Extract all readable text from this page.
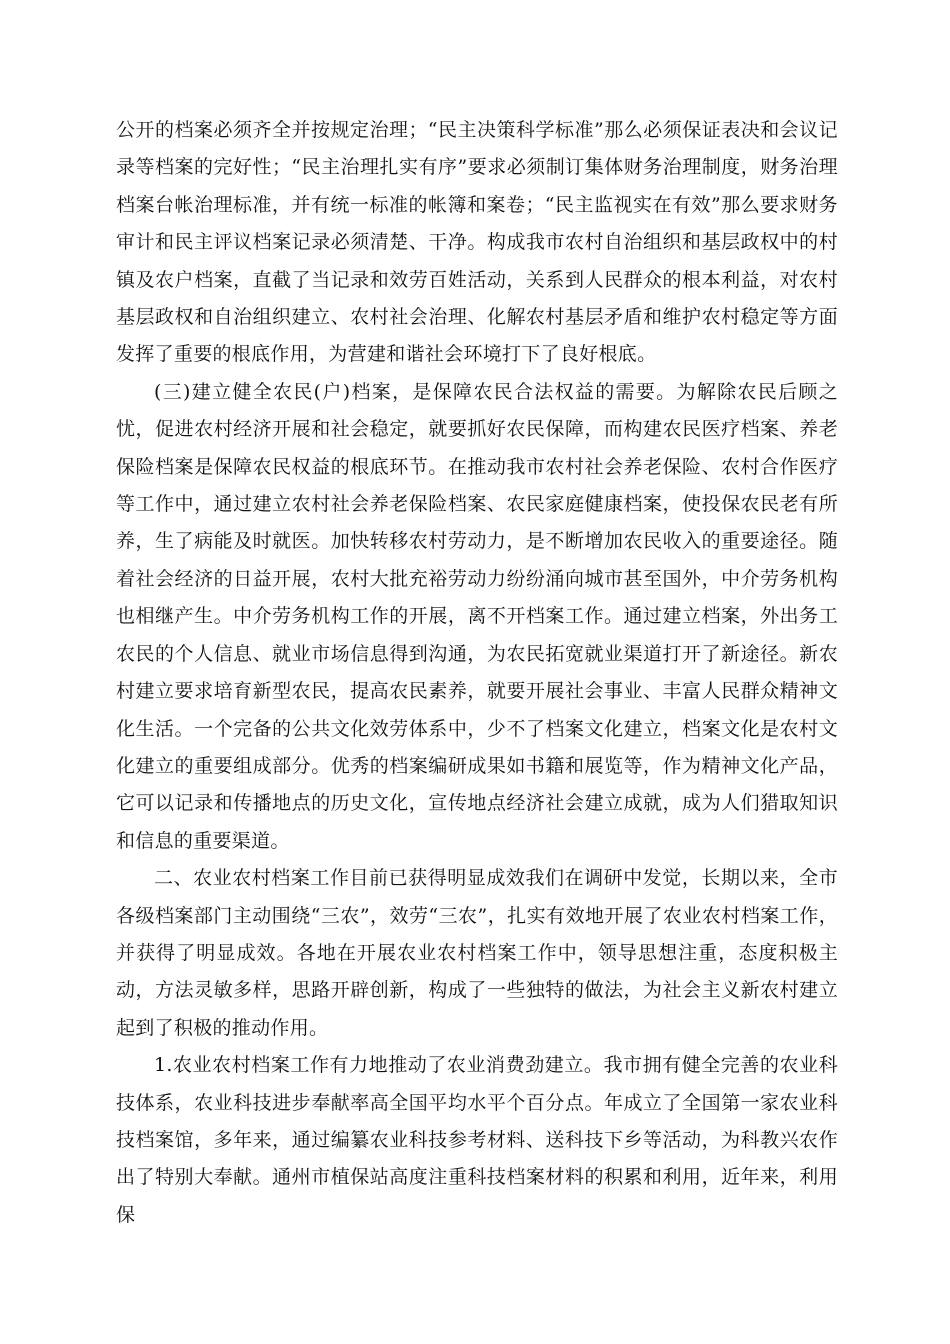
公开的档案必须齐全并按规定治理；“民主决策科学标准”那么必须保证表决和会议记录等档案的完好性；“民主治理扎实有序”要求必须制订集体财务治理制度，财务治理档案台帐治理标准，并有统一标准的帐簿和案卷；“民主监视实在有效”那么要求财务审计和民主评议档案记录必须清楚、干净。构成我市农村自治组织和基层政权中的村镇及农户档案，直截了当记录和效劳百姓活动，关系到人民群众的根本利益，对农村基层政权和自治组织建立、农村社会治理、化解农村基层矛盾和维护农村稳定等方面发挥了重要的根底作用，为营建和谐社会环境打下了良好根底。

(三)建立健全农民(户)档案，是保障农民合法权益的需要。为解除农民后顾之忧，促进农村经济开展和社会稳定，就要抓好农民保障，而构建农民医疗档案、养老保险档案是保障农民权益的根底环节。在推动我市农村社会养老保险、农村合作医疗等工作中，通过建立农村社会养老保险档案、农民家庭健康档案，使投保农民老有所养，生了病能及时就医。加快转移农村劳动力，是不断增加农民收入的重要途径。随着社会经济的日益开展，农村大批充裕劳动力纷纷涌向城市甚至国外，中介劳务机构也相继产生。中介劳务机构工作的开展，离不开档案工作。通过建立档案，外出务工农民的个人信息、就业市场信息得到沟通，为农民拓宽就业渠道打开了新途径。新农村建立要求培育新型农民，提高农民素养，就要开展社会事业、丰富人民群众精神文化生活。一个完备的公共文化效劳体系中，少不了档案文化建立，档案文化是农村文化建立的重要组成部分。优秀的档案编研成果如书籍和展览等，作为精神文化产品，它可以记录和传播地点的历史文化，宣传地点经济社会建立成就，成为人们猎取知识和信息的重要渠道。

二、农业农村档案工作目前已获得明显成效我们在调研中发觉，长期以来，全市各级档案部门主动围绕“三农”，效劳“三农”，扎实有效地开展了农业农村档案工作，并获得了明显成效。各地在开展农业农村档案工作中，领导思想注重，态度积极主动，方法灵敏多样，思路开辟创新，构成了一些独特的做法，为社会主义新农村建立起到了积极的推动作用。

1.农业农村档案工作有力地推动了农业消费劲建立。我市拥有健全完善的农业科技体系，农业科技进步奉献率高全国平均水平个百分点。年成立了全国第一家农业科技档案馆，多年来，通过编纂农业科技参考材料、送科技下乡等活动，为科教兴农作出了特别大奉献。通州市植保站高度注重科技档案材料的积累和利用，近年来，利用保
